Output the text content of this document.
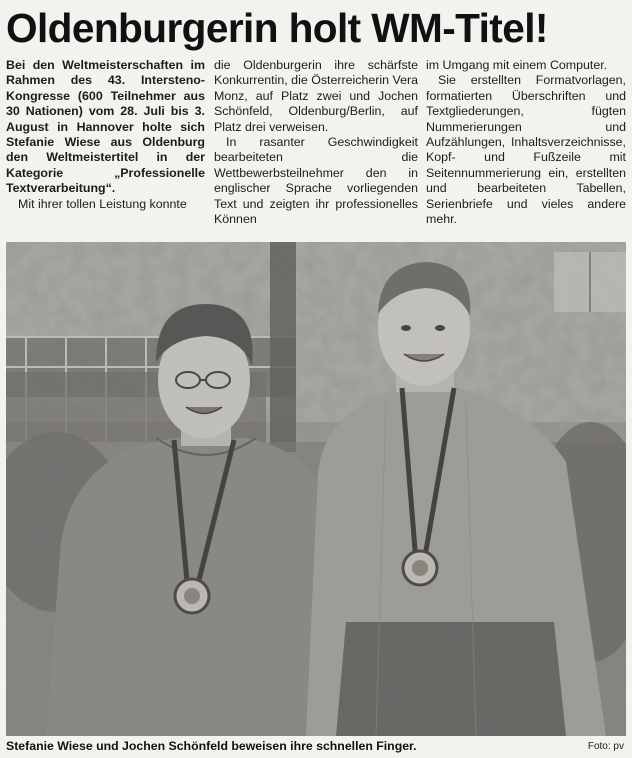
Oldenburgerin holt WM-Titel!

Bei den Weltmeisterschaften im Rahmen des 43. Intersteno-Kongresse (600 Teilnehmer aus 30 Nationen) vom 28. Juli bis 3. August in Hannover holte sich Stefanie Wiese aus Oldenburg den Weltmeistertitel in der Kategorie „Professionelle Textverarbeitung“.

Mit ihrer tollen Leistung konnte

die Oldenburgerin ihre schärfste Konkurrentin, die Österreicherin Vera Monz, auf Platz zwei und Jochen Schönfeld, Oldenburg/Berlin, auf Platz drei verweisen.

In rasanter Geschwindigkeit bearbeiteten die Wettbewerbsteilnehmer den in englischer Sprache vorliegenden Text und zeigten ihr professionelles Können

im Umgang mit einem Computer.

Sie erstellten Formatvorlagen, formatierten Überschriften und Textgliederungen, fügten Nummerierungen und Aufzählungen, Inhaltsverzeichnisse, Kopf- und Fußzeile mit Seitennummerierung ein, erstellten und bearbeiteten Tabellen, Serienbriefe und vieles andere mehr.

Stefanie Wiese und Jochen Schönfeld beweisen ihre schnellen Finger.	Foto: pv
